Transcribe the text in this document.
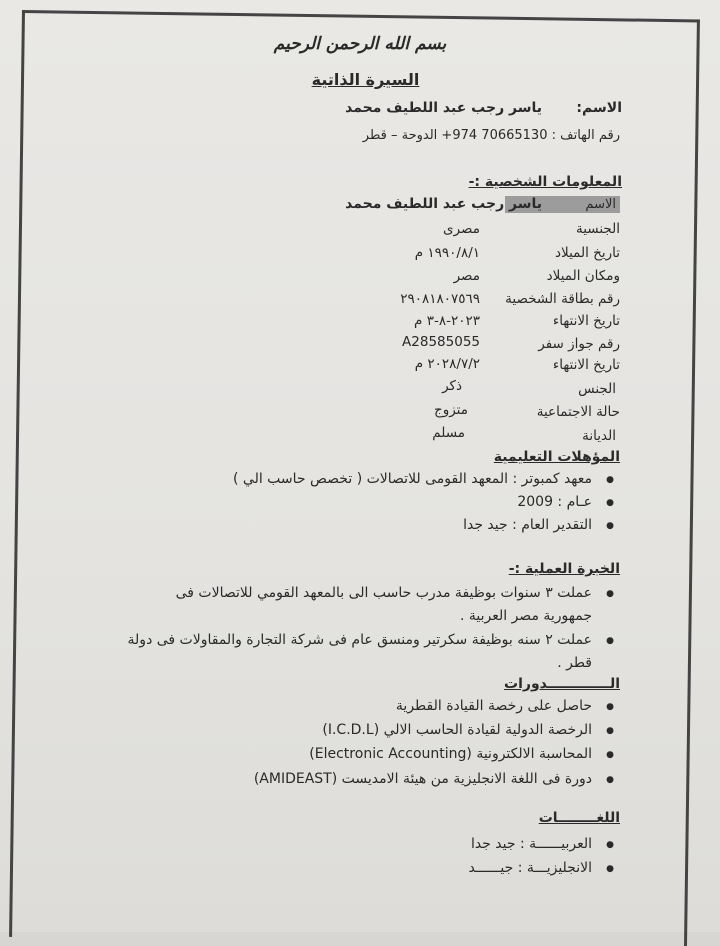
بسم الله الرحمن الرحيم
السيرة الذاتية
الاسم:
ياسر رجب عبد اللطيف محمد
رقم الهاتف : 70665130 974+ الدوحة – قطر
المعلومات الشخصية :-
الاسم
ياسر رجب عبد اللطيف محمد
الجنسية
مصرى
تاريخ الميلاد
١٩٩٠/٨/١ م
ومكان الميلاد
مصر
رقم بطاقة الشخصية
٢٩٠٨١٨٠٧٥٦٩
تاريخ الانتهاء
٢٠٢٣-٨-٣ م
رقم جواز سفر
A28585055
تاريخ الانتهاء
٢٠٢٨/٧/٢ م
الجنس
ذكر
حالة الاجتماعية
متزوج
الديانة
مسلم
المؤهلات التعليمية
معهد كمبوتر : المعهد القومى للاتصالات ( تخصص حاسب الي ) ●
عـام : 2009 ●
التقدير العام : جيد جدا ●
الخبرة العملية :-
عملت ٣ سنوات بوظيفة مدرب حاسب الى بالمعهد القومي للاتصالات فى ●
جمهورية مصر العربية .
عملت ٢ سنه بوظيفة سكرتير ومنسق عام فى شركة التجارة والمقاولات فى دولة ●
قطر .
الـــــــــــــدورات
حاصل على رخصة القيادة القطرية ●
الرخصة الدولية لقيادة الحاسب الالي (I.C.D.L) ●
المحاسبة الالكترونية (Electronic Accounting) ●
دورة فى اللغة الانجليزية من هيئة الامديست (AMIDEAST) ●
اللغــــــــات
العربيــــــة : جيد جدا ●
الانجليزيـــة : جيــــــد ●
